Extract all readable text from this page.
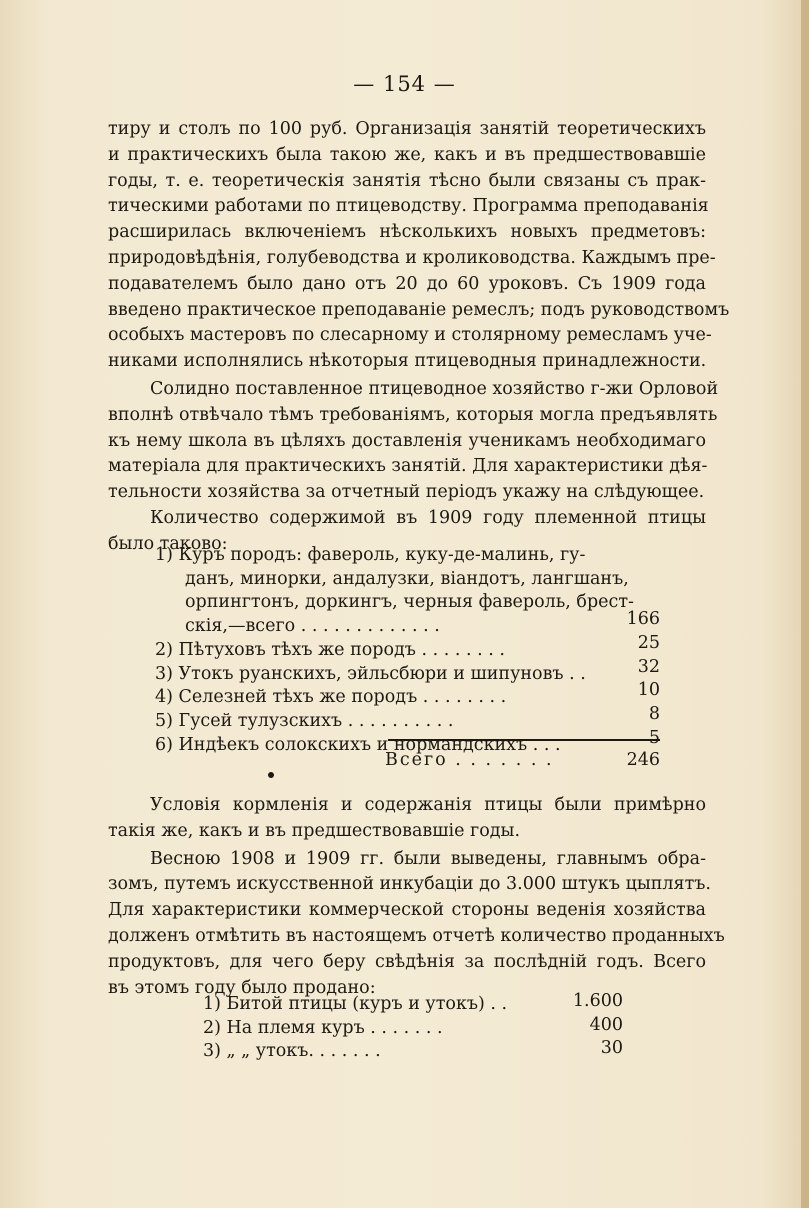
— 154 —
тиру и столъ по 100 руб. Организація занятій теоретическихъ
и практическихъ была такою же, какъ и въ предшествовавшіе
годы, т. е. теоретическія занятія тѣсно были связаны съ прак-
тическими работами по птицеводству. Программа преподаванія
расширилась включеніемъ нѣсколькихъ новыхъ предметовъ:
природовѣдѣнія, голубеводства и кролиководства. Каждымъ пре-
подавателемъ было дано отъ 20 до 60 уроковъ. Съ 1909 года
введено практическое преподаваніе ремеслъ; подъ руководствомъ
особыхъ мастеровъ по слесарному и столярному ремесламъ уче-
никами исполнялись нѣкоторыя птицеводныя принадлежности.
Солидно поставленное птицеводное хозяйство г-жи Орловой
вполнѣ отвѣчало тѣмъ требованіямъ, которыя могла предъявлять
къ нему школа въ цѣляхъ доставленія ученикамъ необходимаго
матеріала для практическихъ занятій. Для характеристики дѣя-
тельности хозяйства за отчетный періодъ укажу на слѣдующее.
Количество содержимой въ 1909 году племенной птицы
было таково:
1) Куръ породъ: фавероль, куку-де-малинь, гу-
данъ, минорки, андалузки, віандотъ, лангшанъ,
орпингтонъ, доркингъ, черныя фавероль, брест-
скія,—всего . . . . . . . . . . . . .	166
2) Пѣтуховъ тѣхъ же породъ . . . . . . . .	25
3) Утокъ руанскихъ, эйльсбюри и шипуновъ . .	32
4) Селезней тѣхъ же породъ . . . . . . . .	10
5) Гусей тулузскихъ . . . . . . . . . .	8
6) Индѣекъ солокскихъ и нормандскихъ . . .	5
Всего . . . . . . .	246
Условія кормленія и содержанія птицы были примѣрно
такія же, какъ и въ предшествовавшіе годы.
Весною 1908 и 1909 гг. были выведены, главнымъ обра-
зомъ, путемъ искусственной инкубаціи до 3.000 штукъ цыплятъ.
Для характеристики коммерческой стороны веденія хозяйства
долженъ отмѣтить въ настоящемъ отчетѣ количество проданныхъ
продуктовъ, для чего беру свѣдѣнія за послѣдній годъ. Всего
въ этомъ году было продано:
1) Битой птицы (куръ и утокъ) . .	1.600
2) На племя куръ . . . . . . .	400
3) „ „ утокъ. . . . . . .	30
